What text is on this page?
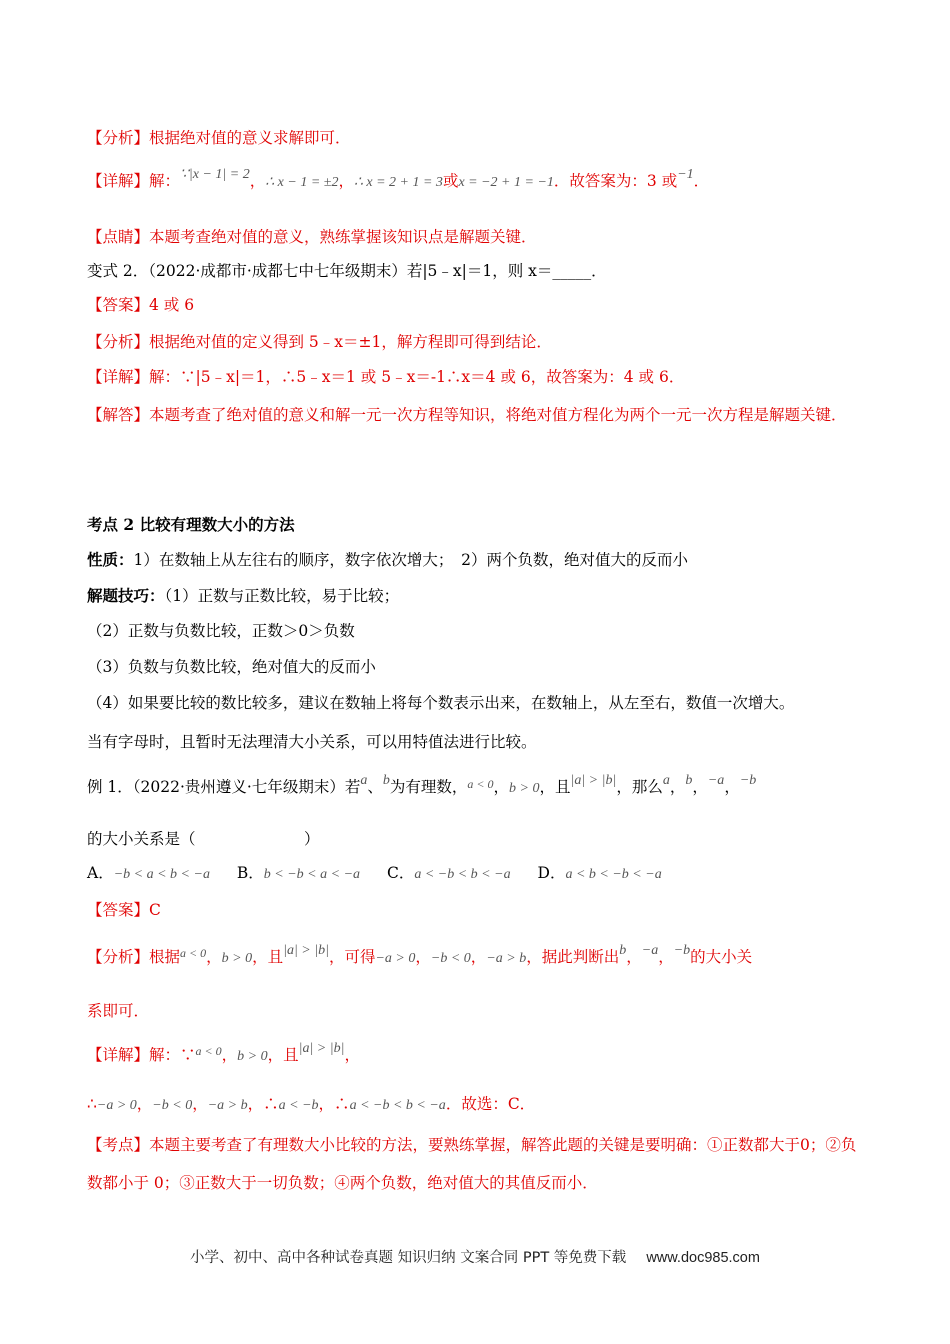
【分析】根据绝对值的意义求解即可．
【详解】解：∵|x − 1| = 2，∴ x − 1 = ±2，∴ x = 2 + 1 = 3或x = −2 + 1 = −1．故答案为：3 或−1．
【点睛】本题考查绝对值的意义，熟练掌握该知识点是解题关键．
变式 2．（2022·成都市·成都七中七年级期末）若|5﹣x|＝1，则 x＝_____．
【答案】4 或 6
【分析】根据绝对值的定义得到 5﹣x＝±1，解方程即可得到结论．
【详解】解：∵|5﹣x|＝1，∴5﹣x＝1 或 5﹣x＝-1∴x＝4 或 6，故答案为：4 或 6．
【解答】本题考查了绝对值的意义和解一元一次方程等知识，将绝对值方程化为两个一元一次方程是解题关键．
考点 2 比较有理数大小的方法
性质：1）在数轴上从左往右的顺序，数字依次增大；　2）两个负数，绝对值大的反而小
解题技巧：（1）正数与正数比较，易于比较；
（2）正数与负数比较，正数＞0＞负数
（3）负数与负数比较，绝对值大的反而小
（4）如果要比较的数比较多，建议在数轴上将每个数表示出来，在数轴上，从左至右，数值一次增大。
当有字母时，且暂时无法理清大小关系，可以用特值法进行比较。
例 1．（2022·贵州遵义·七年级期末）若a、b为有理数，$^{a < 0}$，b > 0，且|a| > |b|，那么a，b，−a，−b
的大小关系是（　　　　　　　）
A．−b < a < b < −a B．b < −b < a < −a C．a < −b < b < −a D．a < b < −b < −a
【答案】C
【分析】根据$^{a < 0}$，b > 0，且|a| > |b|，可得−a > 0，−b < 0，−a > b，据此判断出b，−a，−b的大小关
系即可．
【详解】解：∵$^{a < 0}$，b > 0，且|a| > |b|，
∴−a > 0，−b < 0，−a > b，∴a < −b，∴a < −b < b < −a．故选：C．
【考点】本题主要考查了有理数大小比较的方法，要熟练掌握，解答此题的关键是要明确：①正数都大于0；②负数都小于 0；③正数大于一切负数；④两个负数，绝对值大的其值反而小．
小学、初中、高中各种试卷真题 知识归纳 文案合同 PPT 等免费下载 www.doc985.com
